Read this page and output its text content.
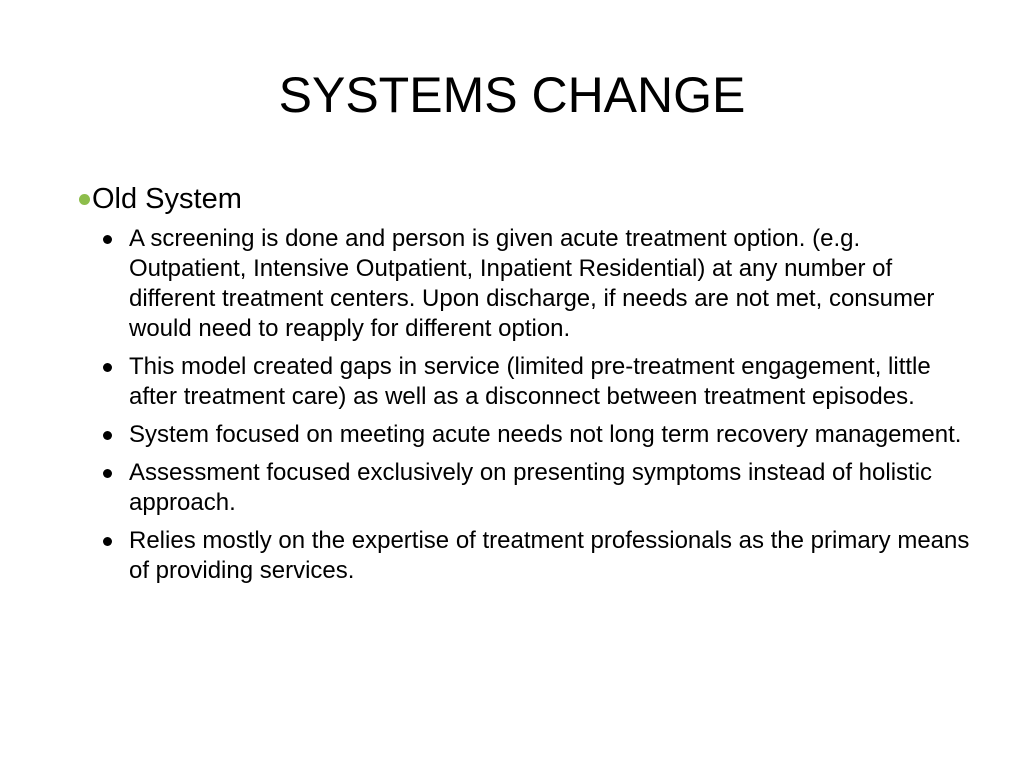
SYSTEMS CHANGE
Old System
A screening is done and person is given acute treatment option. (e.g. Outpatient, Intensive Outpatient, Inpatient Residential) at any number of different treatment centers. Upon discharge, if needs are not met, consumer would need to reapply for different option.
This model created gaps in service (limited pre-treatment engagement, little after treatment care) as well as a disconnect between treatment episodes.
System focused on meeting acute needs not long term recovery management.
Assessment focused exclusively on presenting symptoms instead of holistic approach.
Relies mostly on the expertise of treatment professionals as the primary means of providing services.
